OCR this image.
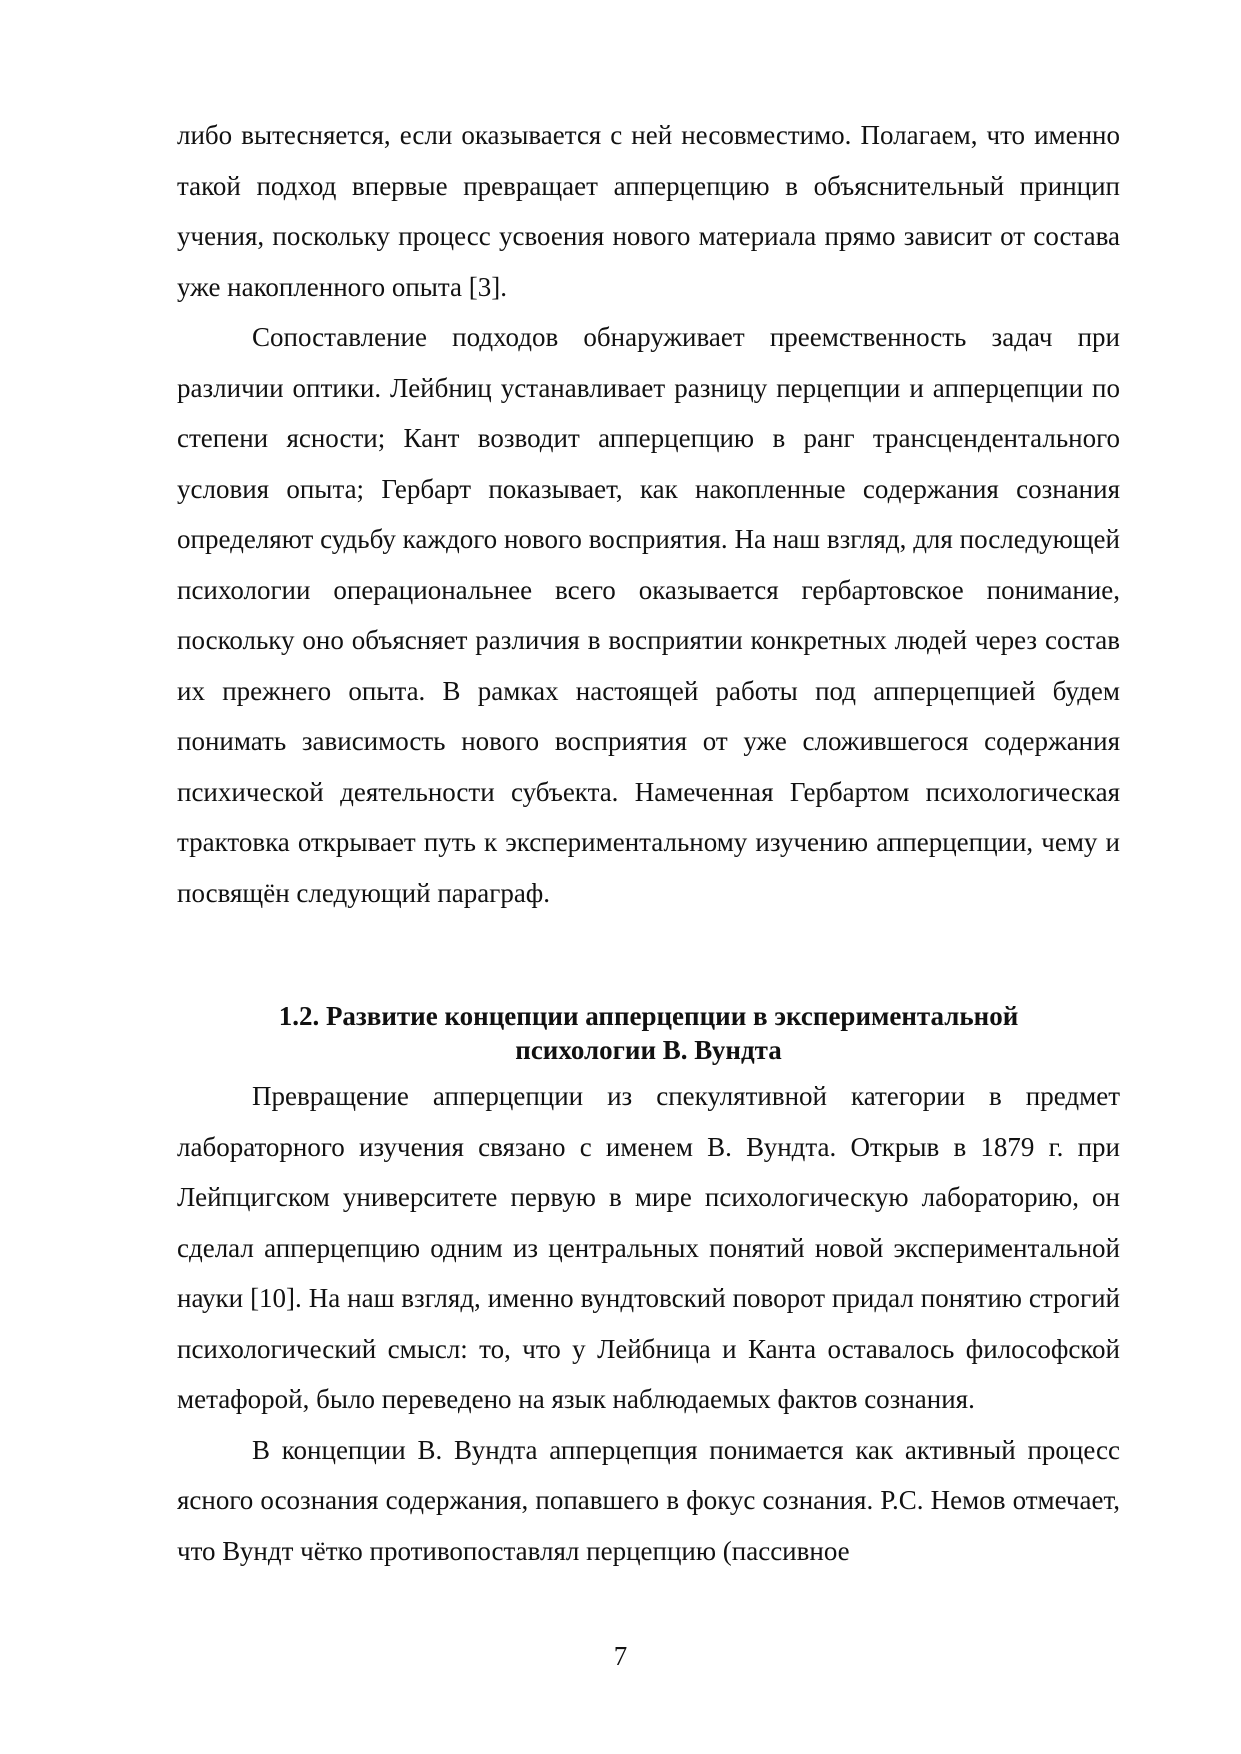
либо вытесняется, если оказывается с ней несовместимо. Полагаем, что именно такой подход впервые превращает апперцепцию в объяснительный принцип учения, поскольку процесс усвоения нового материала прямо зависит от состава уже накопленного опыта [3].

Сопоставление подходов обнаруживает преемственность задач при различии оптики. Лейбниц устанавливает разницу перцепции и апперцепции по степени ясности; Кант возводит апперцепцию в ранг трансцендентального условия опыта; Гербарт показывает, как накопленные содержания сознания определяют судьбу каждого нового восприятия. На наш взгляд, для последующей психологии операциональнее всего оказывается гербартовское понимание, поскольку оно объясняет различия в восприятии конкретных людей через состав их прежнего опыта. В рамках настоящей работы под апперцепцией будем понимать зависимость нового восприятия от уже сложившегося содержания психической деятельности субъекта. Намеченная Гербартом психологическая трактовка открывает путь к экспериментальному изучению апперцепции, чему и посвящён следующий параграф.

1.2. Развитие концепции апперцепции в экспериментальной
психологии В. Вундта

Превращение апперцепции из спекулятивной категории в предмет лабораторного изучения связано с именем В. Вундта. Открыв в 1879 г. при Лейпцигском университете первую в мире психологическую лабораторию, он сделал апперцепцию одним из центральных понятий новой экспериментальной науки [10]. На наш взгляд, именно вундтовский поворот придал понятию строгий психологический смысл: то, что у Лейбница и Канта оставалось философской метафорой, было переведено на язык наблюдаемых фактов сознания.

В концепции В. Вундта апперцепция понимается как активный процесс ясного осознания содержания, попавшего в фокус сознания. Р.С. Немов отмечает, что Вундт чётко противопоставлял перцепцию (пассивное

7
